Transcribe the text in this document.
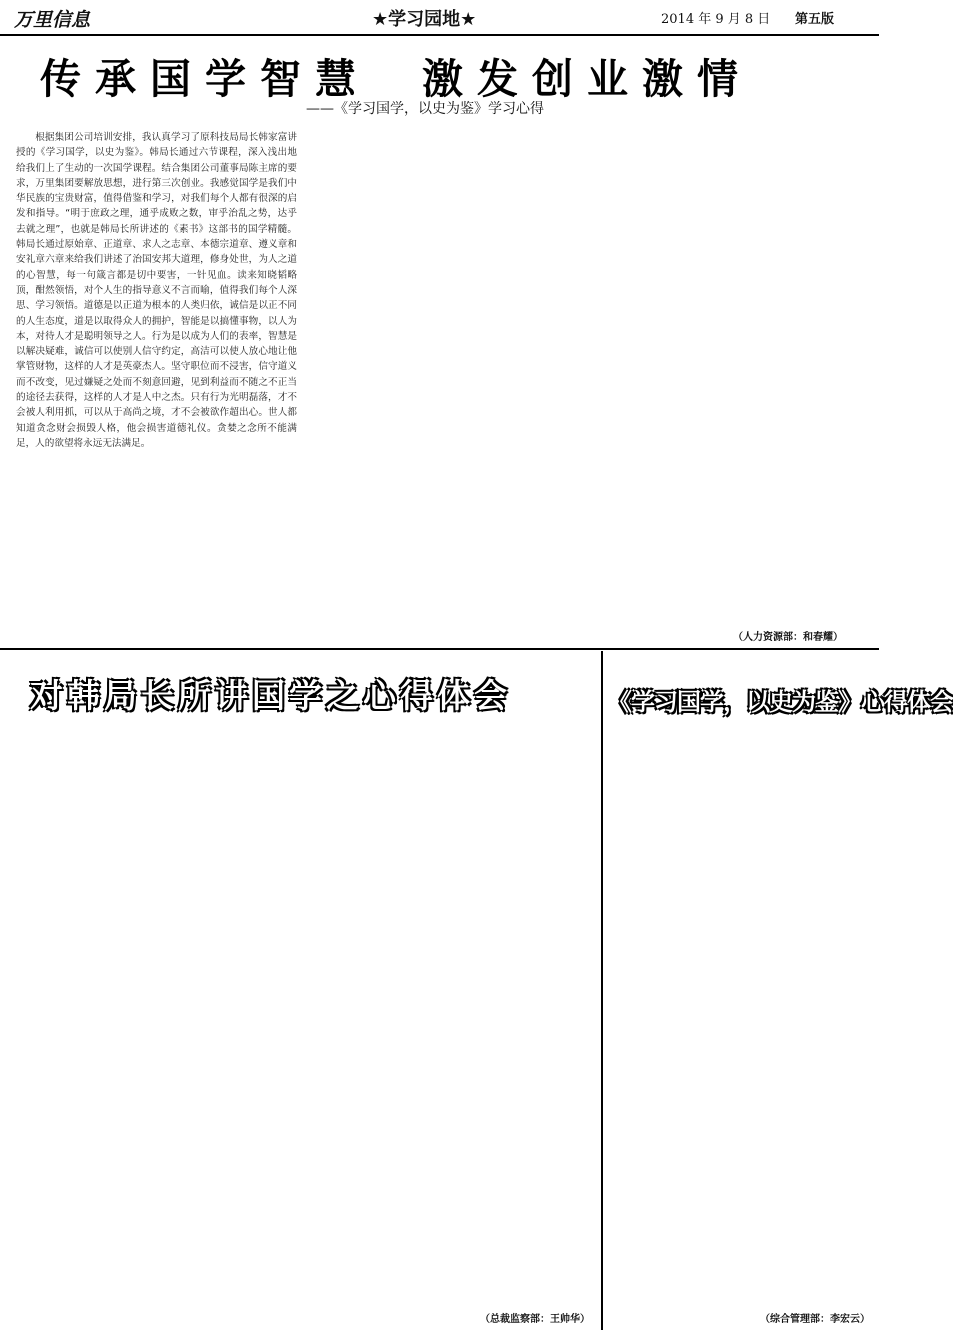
万里信息	★学习园地★	2014 年 9 月 8 日 第五版
传承国学智慧 激发创业激情
——《学习国学，以史为鉴》学习心得

根据集团公司培训安排，我认真学习了原科技局局长韩家富讲授的《学习国学，以史为鉴》。韩局长通过六节课程，深入浅出地给我们上了生动的一次国学课程。结合集团公司董事局陈主席的要求，万里集团要解放思想，进行第三次创业。我感觉国学是我们中华民族的宝贵财富，值得借鉴和学习，对我们每个人都有很深的启发和指导。“明于庶政之理，通乎成败之数，审乎治乱之势，达乎去就之理”，也就是韩局长所讲述的《素书》这部书的国学精髓。韩局长通过原始章、正道章、求人之志章、本德宗道章、遵义章和安礼章六章来给我们讲述了治国安邦大道理，修身处世，为人之道的心智慧，每一句箴言都是切中要害，一针见血。读来知晓韬略顶，酣然领悟，对个人生的指导意义不言而喻，值得我们每个人深思、学习领悟。道德是以正道为根本的人类归依，诚信是以正不同的人生态度，道是以取得众人的拥护，智能是以搞懂事物，以人为本，对待人才是聪明领导之人。行为是以成为人们的表率，智慧是以解决疑难，诚信可以使别人信守约定，高洁可以使人放心地让他掌管财物，这样的人才是英豪杰人。坚守职位而不浸害，信守道义而不改变，见过嫌疑之处而不刻意回避，见到利益而不随之不正当的途径去获得，这样的人才是人中之杰。只有行为光明磊落，才不会被人利用抓，可以从于高尚之境，才不会被欲作超出心。世人都知道贪念财会损毁人格，他会损害道德礼仪。贪婪之念所不能满足，人的欲望将永远无法满足。

（人力资源部：和春耀）
对韩局长所讲国学之心得体会	《学习国学，以史为鉴》心得体会
（总裁监察部：王帅华）	（综合管理部：李宏云）
